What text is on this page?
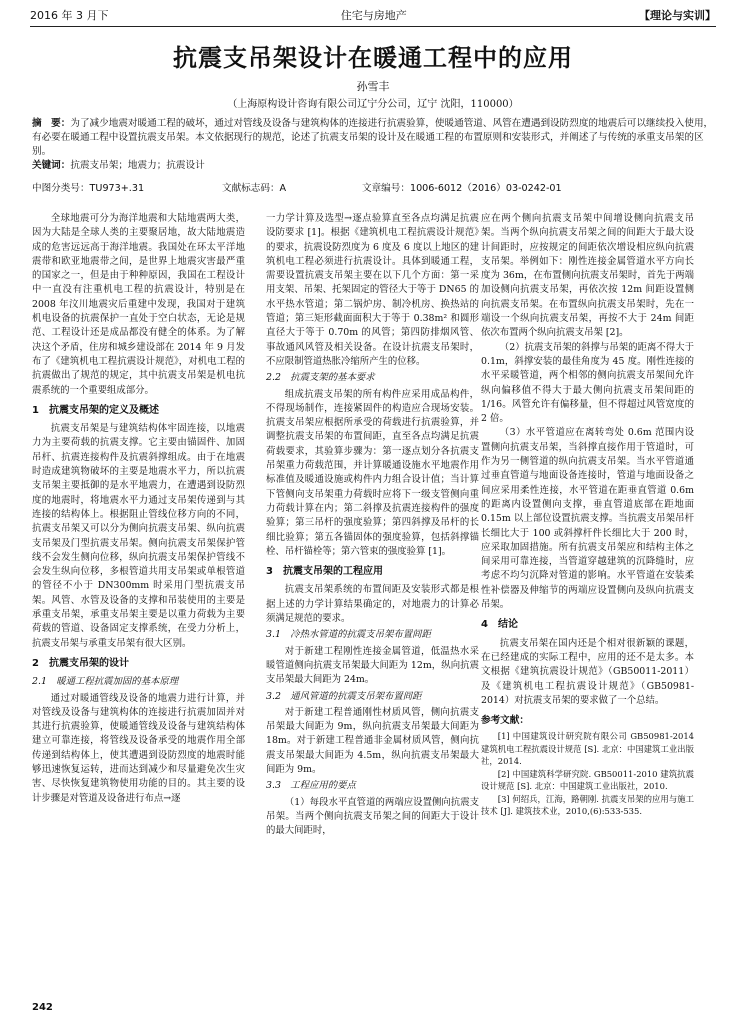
2016 年 3 月下	住宅与房地产	【理论与实训】
抗震支吊架设计在暖通工程中的应用
孙雪丰
（上海原构设计咨询有限公司辽宁分公司，辽宁 沈阳，110000）
摘　要：为了减少地震对暖通工程的破坏，通过对管线及设备与建筑构体的连接进行抗震验算，使暖通管道、风管在遭遇到设防烈度的地震后可以继续投入使用，有必要在暖通工程中设置抗震支吊架。本文依据现行的规范，论述了抗震支吊架的设计及在暖通工程的布置原则和安装形式，并阐述了与传统的承重支吊架的区别。
关键词：抗震支吊架；地震力；抗震设计
中图分类号：TU973+.31	文献标志码：A	文章编号：1006-6012（2016）03-0242-01

全球地震可分为海洋地震和大陆地震两大类，因为大陆是全球人类的主要聚居地，故大陆地震造成的危害远远高于海洋地震。我国处在环太平洋地震带和欧亚地震带之间，是世界上地震灾害最严重的国家之一，但是由于种种原因，我国在工程设计中一直没有注重机电工程的抗震设计，特别是在 2008 年汶川地震灾后重建中发现，我国对于建筑机电设备的抗震保护一直处于空白状态，无论是规范、工程设计还是成品都没有健全的体系。为了解决这个矛盾，住房和城乡建设部在 2014 年 9 月发布了《建筑机电工程抗震设计规范》，对机电工程的抗震做出了规范的规定，其中抗震支吊架是机电抗震系统的一个重要组成部分。

1　抗震支吊架的定义及概述

抗震支吊架是与建筑结构体牢固连接，以地震力为主要荷载的抗震支撑。它主要由锚固件、加固吊杆、抗震连接构件及抗震斜撑组成。由于在地震时造成建筑物破坏的主要是地震水平力，所以抗震支吊架主要抵御的是水平地震力，在遭遇到设防烈度的地震时，将地震水平力通过支吊架传递到与其连接的结构体上。根据阻止管线位移方向的不同，抗震支吊架又可以分为侧向抗震支吊架、纵向抗震支吊架及门型抗震支吊架。侧向抗震支吊架保护管线不会发生侧向位移，纵向抗震支吊架保护管线不会发生纵向位移，多根管道共用支吊架或单根管道的管径不小于 DN300mm 时采用门型抗震支吊架。风管、水管及设备的支撑和吊装使用的主要是承重支吊架，承重支吊架主要是以重力荷载为主要荷载的管道、设备固定支撑系统，在受力分析上，抗震支吊架与承重支吊架有很大区别。

2　抗震支吊架的设计
2.1　暖通工程抗震加固的基本原理

通过对暖通管线及设备的地震力进行计算，并对管线及设备与建筑构体的连接进行抗震加固并对其进行抗震验算，使暖通管线及设备与建筑结构体建立可靠连接，将管线及设备承受的地震作用全部传递到结构体上，使其遭遇到设防烈度的地震时能够迅速恢复运转，进而达到减少和尽量避免次生灾害、尽快恢复建筑物使用功能的目的。其主要的设计步骤是对管道及设备进行布点→逐

一力学计算及选型→逐点验算直至各点均满足抗震设防要求 [1]。根据《建筑机电工程抗震设计规范》的要求，抗震设防烈度为 6 度及 6 度以上地区的建筑机电工程必须进行抗震设计。具体到暖通工程，需要设置抗震支吊架主要在以下几个方面：第一采用支架、吊架、托架固定的管径大于等于 DN65 的水平热水管道；第二锅炉房、制冷机房、换热站的管道；第三矩形截面面积大于等于 0.38m² 和圆形直径大于等于 0.70m 的风管；第四防排烟风管、事故通风风管及相关设备。在设计抗震支吊架时，不应限制管道热胀冷缩所产生的位移。

2.2　抗震支架的基本要求

组成抗震支吊架的所有构件应采用成品构件，不得现场制作，连接紧固件的构造应合现场安装。抗震支吊架应根据所承受的荷载进行抗震验算，并调整抗震支吊架的布置间距，直至各点均满足抗震荷载要求，其验算步骤为：第一逐点划分各抗震支吊架重力荷载范围，并计算暖通设施水平地震作用标准值及暖通设施或构件内力组合设计值；当计算下管侧向支吊架重力荷载时应将下一级支管侧向重力荷载计算在内；第二斜撑及抗震连接构件的强度验算；第三吊杆的强度验算；第四斜撑及吊杆的长细比验算；第五各锚固体的强度验算，包括斜撑锚栓、吊杆锚栓等；第六管束的强度验算 [1]。

3　抗震支吊架的工程应用

抗震支吊架系统的布置间距及安装形式都是根据上述的力学计算结果确定的，对地震力的计算必须满足规范的要求。

3.1　冷热水管道的抗震支吊架布置间距

对于新建工程刚性连接金属管道，低温热水采暖管道侧向抗震支吊架最大间距为 12m，纵向抗震支吊架最大间距为 24m。

3.2　通风管道的抗震支吊架布置间距

对于新建工程普通刚性材质风管，侧向抗震支吊架最大间距为 9m，纵向抗震支吊架最大间距为 18m。对于新建工程普通非金属材质风管，侧向抗震支吊架最大间距为 4.5m，纵向抗震支吊架最大间距为 9m。

3.3　工程应用的要点

（1）每段水平直管道的两端应设置侧向抗震支吊架。当两个侧向抗震支吊架之间的间距大于设计的最大间距时，

应在两个侧向抗震支吊架中间增设侧向抗震支吊架。当两个纵向抗震支吊架之间的间距大于最大设计间距时，应按规定的间距依次增设相应纵向抗震支吊架。举例如下：刚性连接金属管道水平方向长度为 36m，在布置侧向抗震支吊架时，首先于两端加设侧向抗震支吊架，再依次按 12m 间距设置侧向抗震支吊架。在布置纵向抗震支吊架时，先在一端设一个纵向抗震支吊架，再按不大于 24m 间距依次布置两个纵向抗震支吊架 [2]。

（2）抗震支吊架的斜撑与吊架的距离不得大于 0.1m，斜撑安装的最佳角度为 45 度。刚性连接的水平采暖管道，两个相邻的侧向抗震支吊架间允许纵向偏移值不得大于最大侧向抗震支吊架间距的 1/16。风管允许有偏移量，但不得超过风管宽度的 2 倍。

（3）水平管道应在离转弯处 0.6m 范围内设置侧向抗震支吊架，当斜撑直接作用于管道时，可作为另一侧管道的纵向抗震支吊架。当水平管道通过垂直管道与地面设备连接时，管道与地面设备之间应采用柔性连接，水平管道在距垂直管道 0.6m 的距离内设置侧向支撑，垂直管道底部在距地面 0.15m 以上部位设置抗震支撑。当抗震支吊架吊杆长细比大于 100 或斜撑杆件长细比大于 200 时，应采取加固措施。所有抗震支吊架应和结构主体之间采用可靠连接，当管道穿越建筑的沉降缝时，应考虑不均匀沉降对管道的影响。水平管道在安装柔性补偿器及伸缩节的两端应设置侧向及纵向抗震支吊架。

4　结论

抗震支吊架在国内还是个相对很新颖的课题，在已经建成的实际工程中，应用的还不是太多。本文根据《建筑抗震设计规范》（GB50011-2011）及《建筑机电工程抗震设计规范》（GB50981-2014）对抗震支吊架的要求做了一个总结。

参考文献：

[1] 中国建筑设计研究院有限公司 GB50981-2014 建筑机电工程抗震设计规范 [S]. 北京：中国建筑工业出版社，2014.

[2] 中国建筑科学研究院. GB50011-2010 建筑抗震设计规范 [S]. 北京：中国建筑工业出版社，2010.

[3] 何绍兵，江海，路朝刚. 抗震支吊架的应用与施工技术 [J]. 建筑技术业，2010,(6):533-535.

242
